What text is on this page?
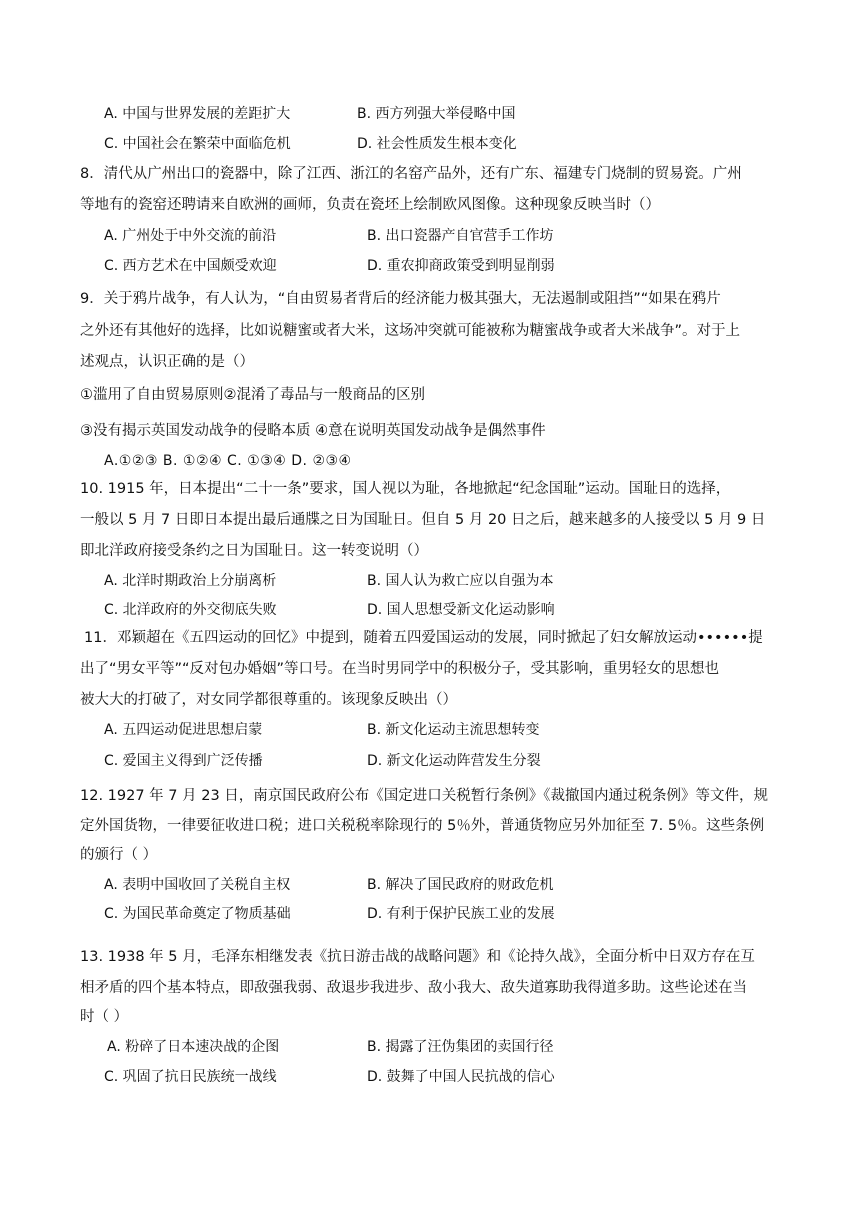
A. 中国与世界发展的差距扩大	B. 西方列强大举侵略中国
C. 中国社会在繁荣中面临危机	D. 社会性质发生根本变化
8．清代从广州出口的瓷器中，除了江西、浙江的名窑产品外，还有广东、福建专门烧制的贸易瓷。广州
等地有的瓷窑还聘请来自欧洲的画师，负责在瓷坯上绘制欧风图像。这种现象反映当时（）
A. 广州处于中外交流的前沿	B. 出口瓷器产自官营手工作坊
C. 西方艺术在中国颇受欢迎	D. 重农抑商政策受到明显削弱
9．关于鸦片战争，有人认为，“自由贸易者背后的经济能力极其强大，无法遏制或阻挡”“如果在鸦片
之外还有其他好的选择，比如说糖蜜或者大米，这场冲突就可能被称为糖蜜战争或者大米战争”。对于上
述观点，认识正确的是（）
①滥用了自由贸易原则②混淆了毒品与一般商品的区别
③没有揭示英国发动战争的侵略本质 ④意在说明英国发动战争是偶然事件
A.①②③ B. ①②④ C. ①③④ D. ②③④
10. 1915 年，日本提出“二十一条”要求，国人视以为耻，各地掀起“纪念国耻”运动。国耻日的选择，
一般以 5 月 7 日即日本提出最后通牒之日为国耻日。但自 5 月 20 日之后，越来越多的人接受以 5 月 9 日
即北洋政府接受条约之日为国耻日。这一转变说明（）
A. 北洋时期政治上分崩离析	B. 国人认为救亡应以自强为本
C. 北洋政府的外交彻底失败	D. 国人思想受新文化运动影响
11．邓颖超在《五四运动的回忆》中提到，随着五四爱国运动的发展，同时掀起了妇女解放运动••••••提
出了“男女平等”“反对包办婚姻”等口号。在当时男同学中的积极分子，受其影响，重男轻女的思想也
被大大的打破了，对女同学都很尊重的。该现象反映出（）
A. 五四运动促进思想启蒙	B. 新文化运动主流思想转变
C. 爱国主义得到广泛传播	D. 新文化运动阵营发生分裂
12. 1927 年 7 月 23 日，南京国民政府公布《国定进口关税暂行条例》《裁撤国内通过税条例》等文件，规
定外国货物，一律要征收进口税；进口关税税率除现行的 5％外，普通货物应另外加征至 7. 5％。这些条例
的颁行（ ）
A. 表明中国收回了关税自主权	B. 解决了国民政府的财政危机
C. 为国民革命奠定了物质基础	D. 有利于保护民族工业的发展
13. 1938 年 5 月，毛泽东相继发表《抗日游击战的战略问题》和《论持久战》，全面分析中日双方存在互
相矛盾的四个基本特点，即敌强我弱、敌退步我进步、敌小我大、敌失道寡助我得道多助。这些论述在当
时（ ）
A. 粉碎了日本速决战的企图	B. 揭露了汪伪集团的卖国行径
C. 巩固了抗日民族统一战线	D. 鼓舞了中国人民抗战的信心
